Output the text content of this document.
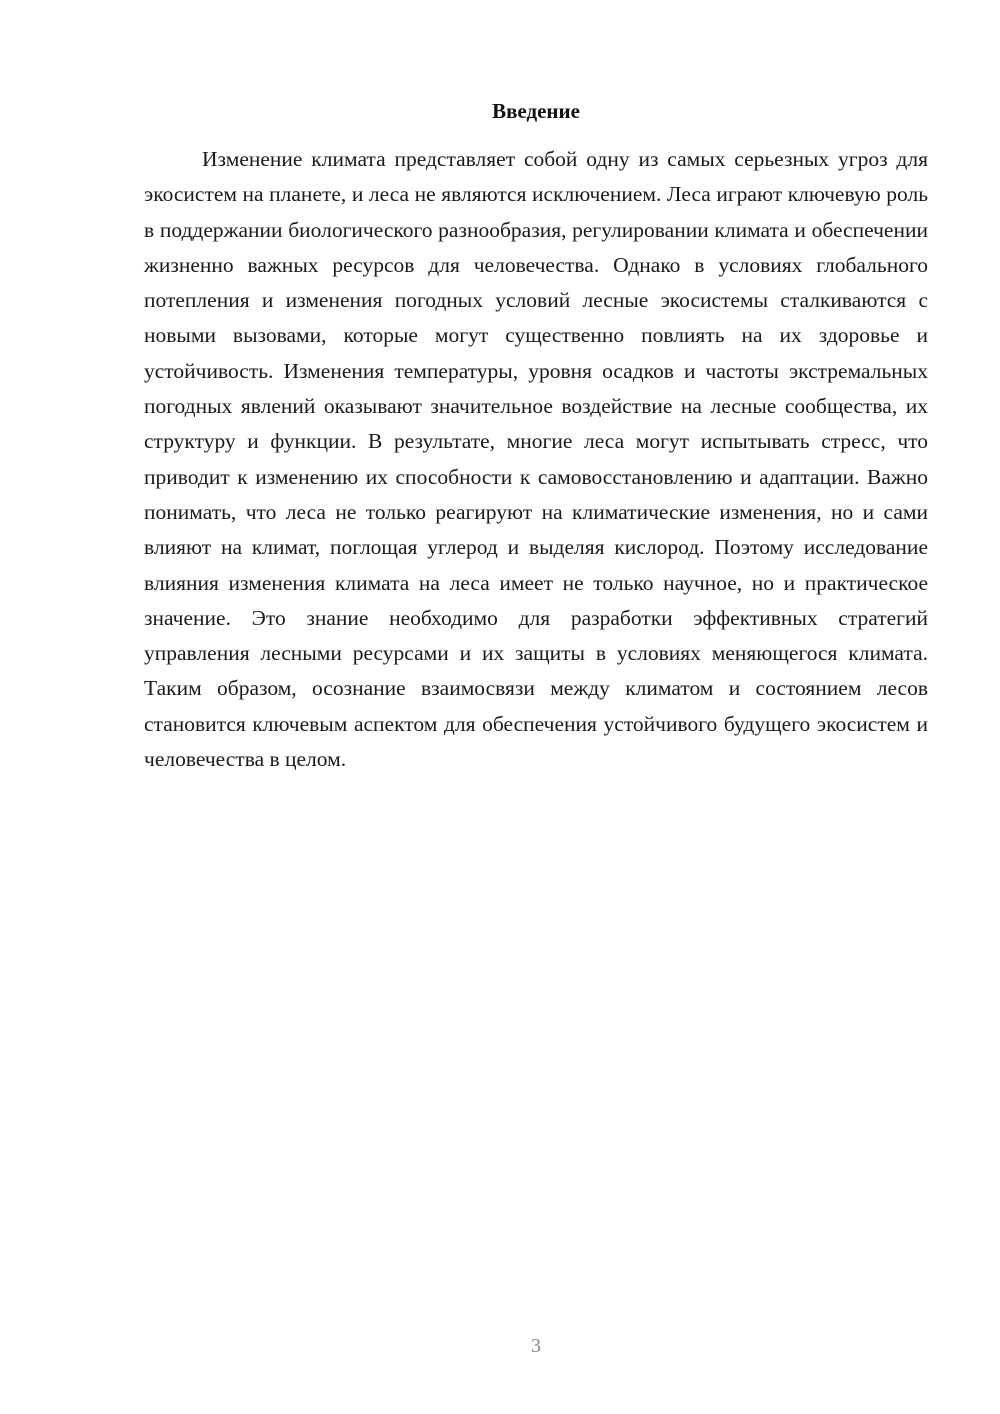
Введение

Изменение климата представляет собой одну из самых серьезных угроз для экосистем на планете, и леса не являются исключением. Леса играют ключевую роль в поддержании биологического разнообразия, регулировании климата и обеспечении жизненно важных ресурсов для человечества. Однако в условиях глобального потепления и изменения погодных условий лесные экосистемы сталкиваются с новыми вызовами, которые могут существенно повлиять на их здоровье и устойчивость. Изменения температуры, уровня осадков и частоты экстремальных погодных явлений оказывают значительное воздействие на лесные сообщества, их структуру и функции. В результате, многие леса могут испытывать стресс, что приводит к изменению их способности к самовосстановлению и адаптации. Важно понимать, что леса не только реагируют на климатические изменения, но и сами влияют на климат, поглощая углерод и выделяя кислород. Поэтому исследование влияния изменения климата на леса имеет не только научное, но и практическое значение. Это знание необходимо для разработки эффективных стратегий управления лесными ресурсами и их защиты в условиях меняющегося климата. Таким образом, осознание взаимосвязи между климатом и состоянием лесов становится ключевым аспектом для обеспечения устойчивого будущего экосистем и человечества в целом.

3
